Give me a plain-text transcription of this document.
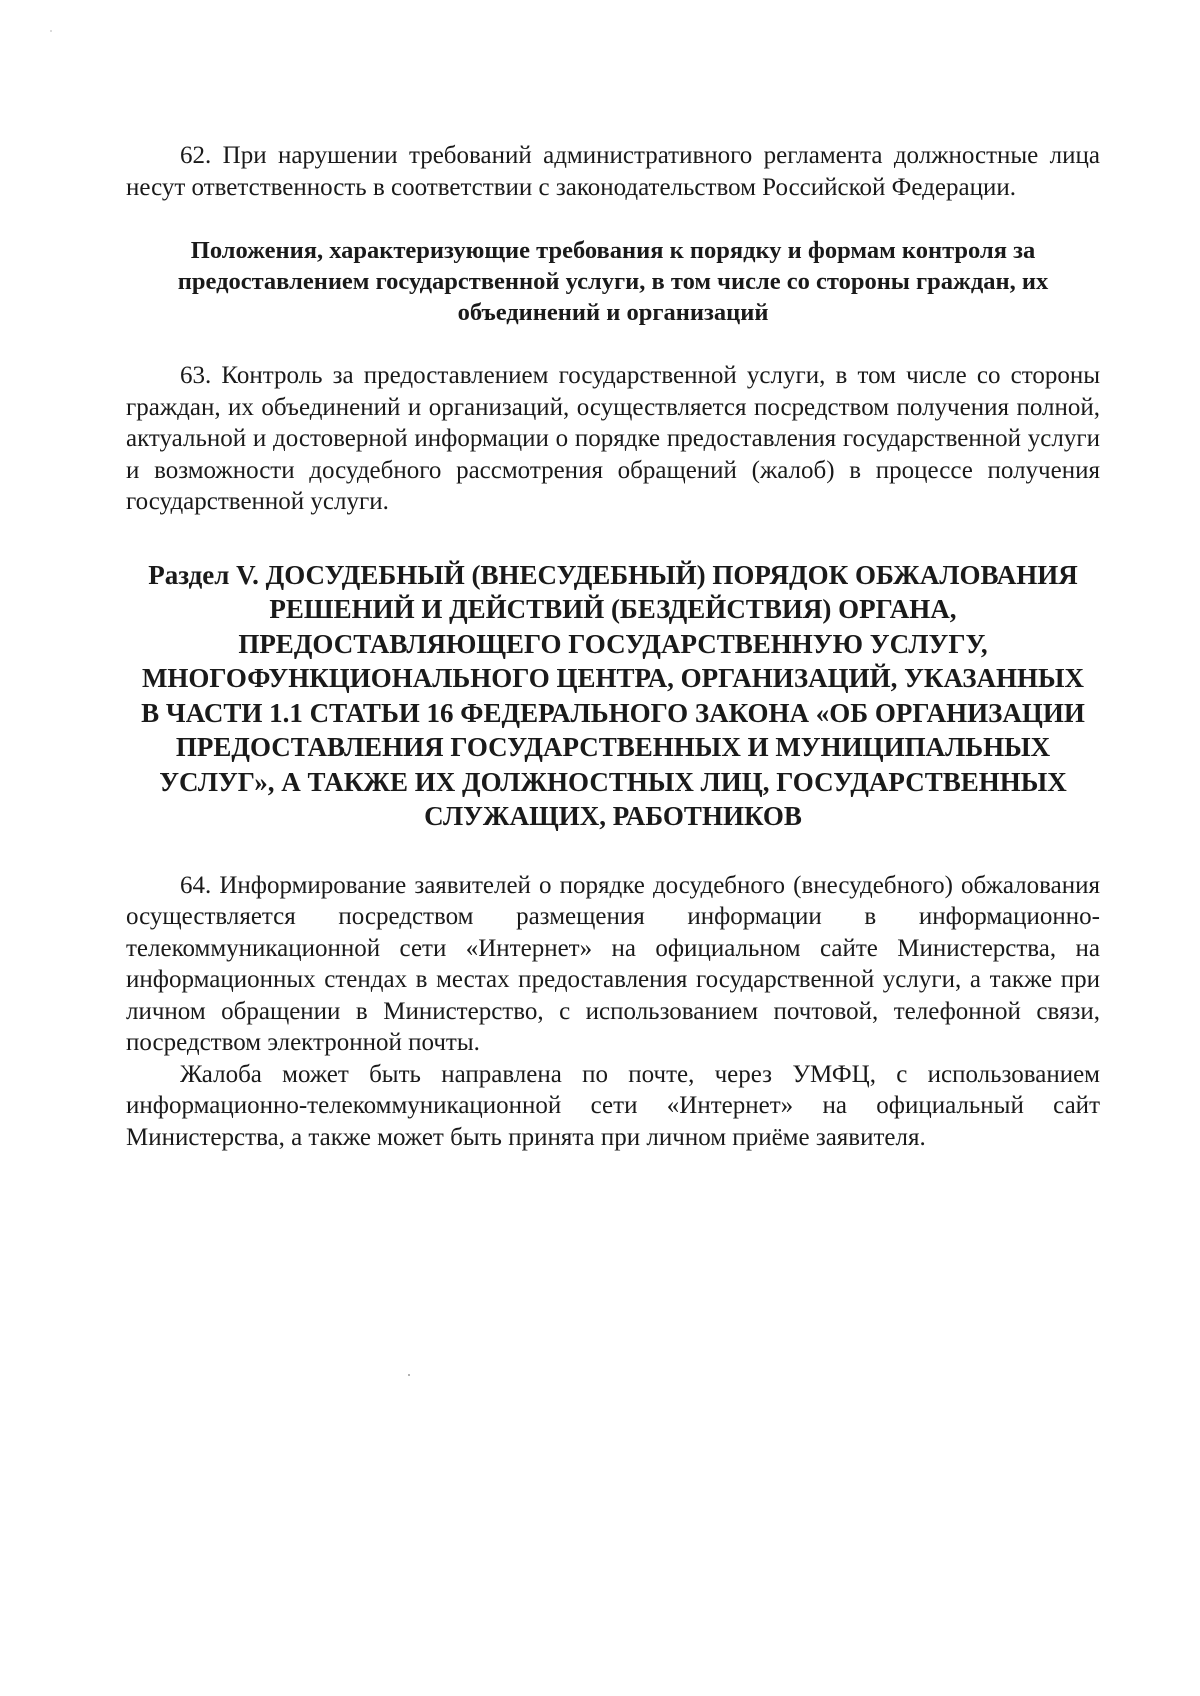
62. При нарушении требований административного регламента должностные лица несут ответственность в соответствии с законодательством Российской Федерации.

Положения, характеризующие требования к порядку и формам контроля за предоставлением государственной услуги, в том числе со стороны граждан, их объединений и организаций

63. Контроль за предоставлением государственной услуги, в том числе со стороны граждан, их объединений и организаций, осуществляется посредством получения полной, актуальной и достоверной информации о порядке предоставления государственной услуги и возможности досудебного рассмотрения обращений (жалоб) в процессе получения государственной услуги.

Раздел V. ДОСУДЕБНЫЙ (ВНЕСУДЕБНЫЙ) ПОРЯДОК ОБЖАЛОВАНИЯ РЕШЕНИЙ И ДЕЙСТВИЙ (БЕЗДЕЙСТВИЯ) ОРГАНА, ПРЕДОСТАВЛЯЮЩЕГО ГОСУДАРСТВЕННУЮ УСЛУГУ, МНОГОФУНКЦИОНАЛЬНОГО ЦЕНТРА, ОРГАНИЗАЦИЙ, УКАЗАННЫХ В ЧАСТИ 1.1 СТАТЬИ 16 ФЕДЕРАЛЬНОГО ЗАКОНА «ОБ ОРГАНИЗАЦИИ ПРЕДОСТАВЛЕНИЯ ГОСУДАРСТВЕННЫХ И МУНИЦИПАЛЬНЫХ УСЛУГ», А ТАКЖЕ ИХ ДОЛЖНОСТНЫХ ЛИЦ, ГОСУДАРСТВЕННЫХ СЛУЖАЩИХ, РАБОТНИКОВ

64. Информирование заявителей о порядке досудебного (внесудебного) обжалования осуществляется посредством размещения информации в информационно-телекоммуникационной сети «Интернет» на официальном сайте Министерства, на информационных стендах в местах предоставления государственной услуги, а также при личном обращении в Министерство, с использованием почтовой, телефонной связи, посредством электронной почты.

Жалоба может быть направлена по почте, через УМФЦ, с использованием информационно-телекоммуникационной сети «Интернет» на официальный сайт Министерства, а также может быть принята при личном приёме заявителя.
